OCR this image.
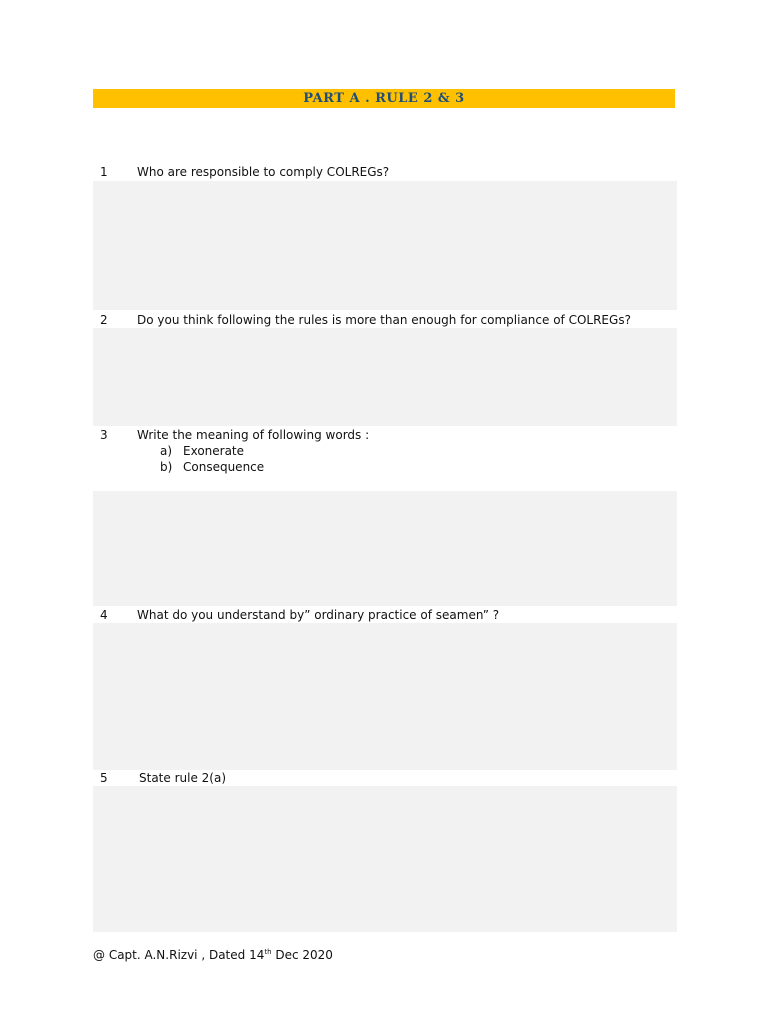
PART A . RULE 2 & 3
1 Who are responsible to comply COLREGs?
2 Do you think following the rules is more than enough for compliance of COLREGs?
3 Write the meaning of following words :
a) Exonerate
b) Consequence
4 What do you understand by” ordinary practice of seamen” ?
5	State rule 2(a)
@ Capt. A.N.Rizvi , Dated 14th Dec 2020
